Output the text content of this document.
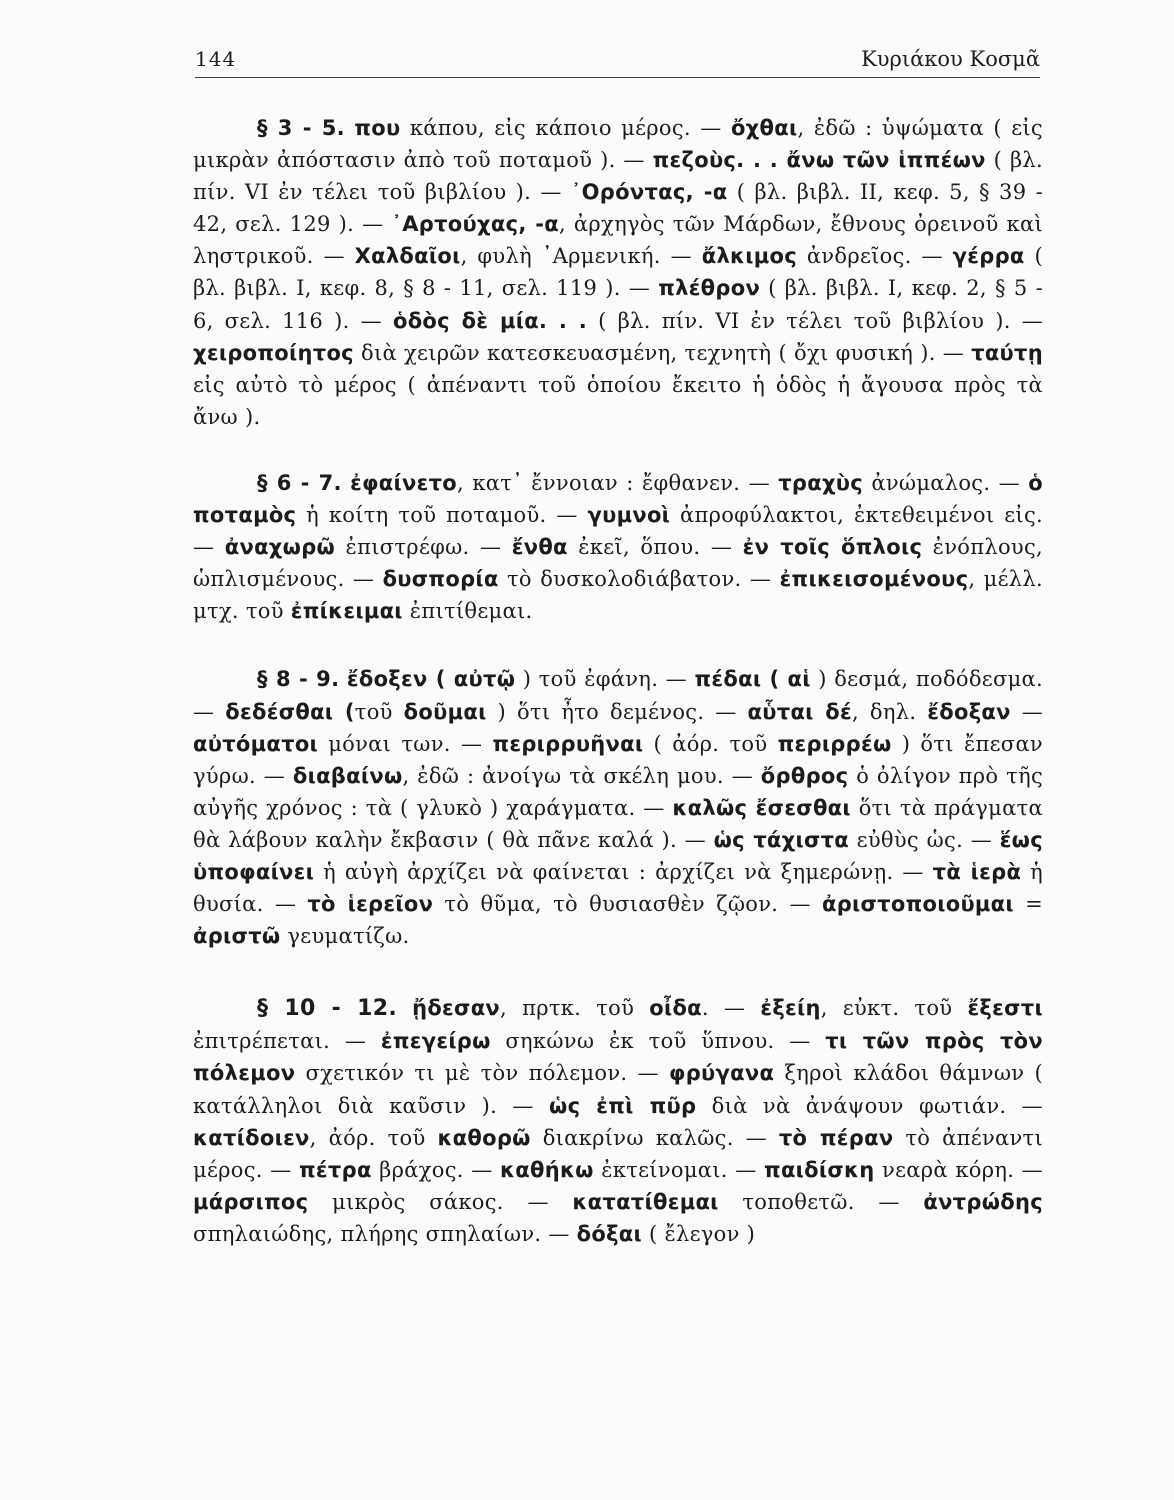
144	Κυριάκου Κοσμᾶ

§ 3 - 5. που κάπου, εἰς κάποιο μέρος. — ὄχθαι, ἐδῶ : ὑψώματα ( εἰς μικρὰν ἀπόστασιν ἀπὸ τοῦ ποταμοῦ ). — πεζοὺς. . . ἄνω τῶν ἱππέων ( βλ. πίν. VI ἐν τέλει τοῦ βιβλίου ). — ᾿Ορόντας, -α ( βλ. βιβλ. II, κεφ. 5, § 39 - 42, σελ. 129 ). — ᾿Αρτούχας, -α, ἀρχηγὸς τῶν Μάρδων, ἔθνους ὀρεινοῦ καὶ ληστρικοῦ. — Χαλδαῖοι, φυλὴ ᾿Αρμενική. — ἄλκιμος ἀνδρεῖος. — γέρρα ( βλ. βιβλ. I, κεφ. 8, § 8 - 11, σελ. 119 ). — πλέθρον ( βλ. βιβλ. I, κεφ. 2, § 5 - 6, σελ. 116 ). — ὁδὸς δὲ μία. . . ( βλ. πίν. VI ἐν τέλει τοῦ βιβλίου ). — χειροποίητος διὰ χειρῶν κατεσκευασμένη, τεχνητὴ ( ὄχι φυσική ). — ταύτῃ εἰς αὐτὸ τὸ μέρος ( ἀπέναντι τοῦ ὁποίου ἔκειτο ἡ ὁδὸς ἡ ἄγουσα πρὸς τὰ ἄνω ).

§ 6 - 7. ἐφαίνετο, κατ᾿ ἔννοιαν : ἔφθανεν. — τραχὺς ἀνώμαλος. — ὁ ποταμὸς ἡ κοίτη τοῦ ποταμοῦ. — γυμνοὶ ἀπροφύλακτοι, ἐκτεθειμένοι εἰς. — ἀναχωρῶ ἐπιστρέφω. — ἔνθα ἐκεῖ, ὅπου. — ἐν τοῖς ὅπλοις ἐνόπλους, ὡπλισμένους. — δυσπορία τὸ δυσκολοδιάβατον. — ἐπικεισομένους, μέλλ. μτχ. τοῦ ἐπίκειμαι ἐπιτίθεμαι.

§ 8 - 9. ἔδοξεν ( αὐτῷ ) τοῦ ἐφάνη. — πέδαι ( αἱ ) δεσμά, ποδόδεσμα. — δεδέσθαι (τοῦ δοῦμαι ) ὅτι ἦτο δεμένος. — αὗται δέ, δηλ. ἔδοξαν — αὐτόματοι μόναι των. — περιρρυῆναι ( ἀόρ. τοῦ περιρρέω ) ὅτι ἔπεσαν γύρω. — διαβαίνω, ἐδῶ : ἀνοίγω τὰ σκέλη μου. — ὄρθρος ὁ ὀλίγον πρὸ τῆς αὐγῆς χρόνος : τὰ ( γλυκὸ ) χαράγματα. — καλῶς ἔσεσθαι ὅτι τὰ πράγματα θὰ λάβουν καλὴν ἔκβασιν ( θὰ πᾶνε καλά ). — ὡς τάχιστα εὐθὺς ὡς. — ἕως ὑποφαίνει ἡ αὐγὴ ἀρχίζει νὰ φαίνεται : ἀρχίζει νὰ ξημερώνῃ. — τὰ ἱερὰ ἡ θυσία. — τὸ ἱερεῖον τὸ θῦμα, τὸ θυσιασθὲν ζῷον. — ἀριστοποιοῦμαι = ἀριστῶ γευματίζω.

§ 10 - 12. ᾔδεσαν, πρτκ. τοῦ οἶδα. — ἐξείη, εὐκτ. τοῦ ἔξεστι ἐπιτρέπεται. — ἐπεγείρω σηκώνω ἐκ τοῦ ὕπνου. — τι τῶν πρὸς τὸν πόλεμον σχετικόν τι μὲ τὸν πόλεμον. — φρύγανα ξηροὶ κλάδοι θάμνων ( κατάλληλοι διὰ καῦσιν ). — ὡς ἐπὶ πῦρ διὰ νὰ ἀνάψουν φωτιάν. — κατίδοιεν, ἀόρ. τοῦ καθορῶ διακρίνω καλῶς. — τὸ πέραν τὸ ἀπέναντι μέρος. — πέτρα βράχος. — καθήκω ἐκτείνομαι. — παιδίσκη νεαρὰ κόρη. — μάρσιπος μικρὸς σάκος. — κατατίθεμαι τοποθετῶ. — ἀντρώδης σπηλαιώδης, πλήρης σπηλαίων. — δόξαι ( ἔλεγον )
